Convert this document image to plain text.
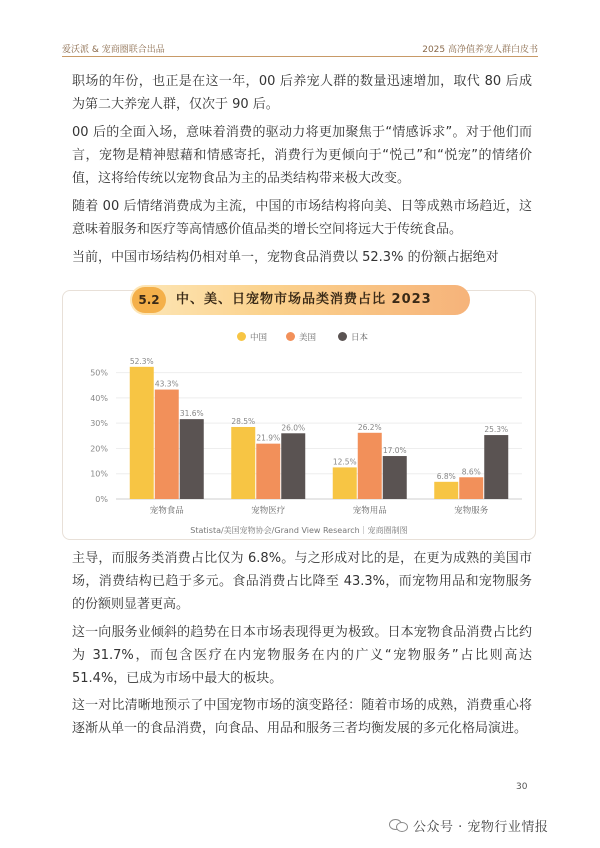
爱沃派 & 宠商圈联合出品	2025 高净值养宠人群白皮书

职场的年份，也正是在这一年，00 后养宠人群的数量迅速增加，取代 80 后成为第二大养宠人群，仅次于 90 后。

00 后的全面入场，意味着消费的驱动力将更加聚焦于“情感诉求”。对于他们而言，宠物是精神慰藉和情感寄托，消费行为更倾向于“悦己”和“悦宠”的情绪价值，这将给传统以宠物食品为主的品类结构带来极大改变。

随着 00 后情绪消费成为主流，中国的市场结构将向美、日等成熟市场趋近，这意味着服务和医疗等高情感价值品类的增长空间将远大于传统食品。

当前，中国市场结构仍相对单一，宠物食品消费以 52.3% 的份额占据绝对

5.2	中、美、日宠物市场品类消费占比 2023
0%
10%
20%
30%
40%
50%
中国	美国	日本
52.3%
43.3%
31.6%
宠物食品
28.5%
21.9%
26.0%
宠物医疗
12.5%
26.2%
17.0%
宠物用品
6.8%
8.6%
25.3%
宠物服务
Statista/美国宠物协会/Grand View Research｜宠商圈制图

主导，而服务类消费占比仅为 6.8%。与之形成对比的是，在更为成熟的美国市场，消费结构已趋于多元。食品消费占比降至 43.3%，而宠物用品和宠物服务的份额则显著更高。

这一向服务业倾斜的趋势在日本市场表现得更为极致。日本宠物食品消费占比约为 31.7%，而包含医疗在内宠物服务在内的广义“宠物服务”占比则高达 51.4%，已成为市场中最大的板块。

这一对比清晰地预示了中国宠物市场的演变路径：随着市场的成熟，消费重心将逐渐从单一的食品消费，向食品、用品和服务三者均衡发展的多元化格局演进。

30
公众号 · 宠物行业情报
